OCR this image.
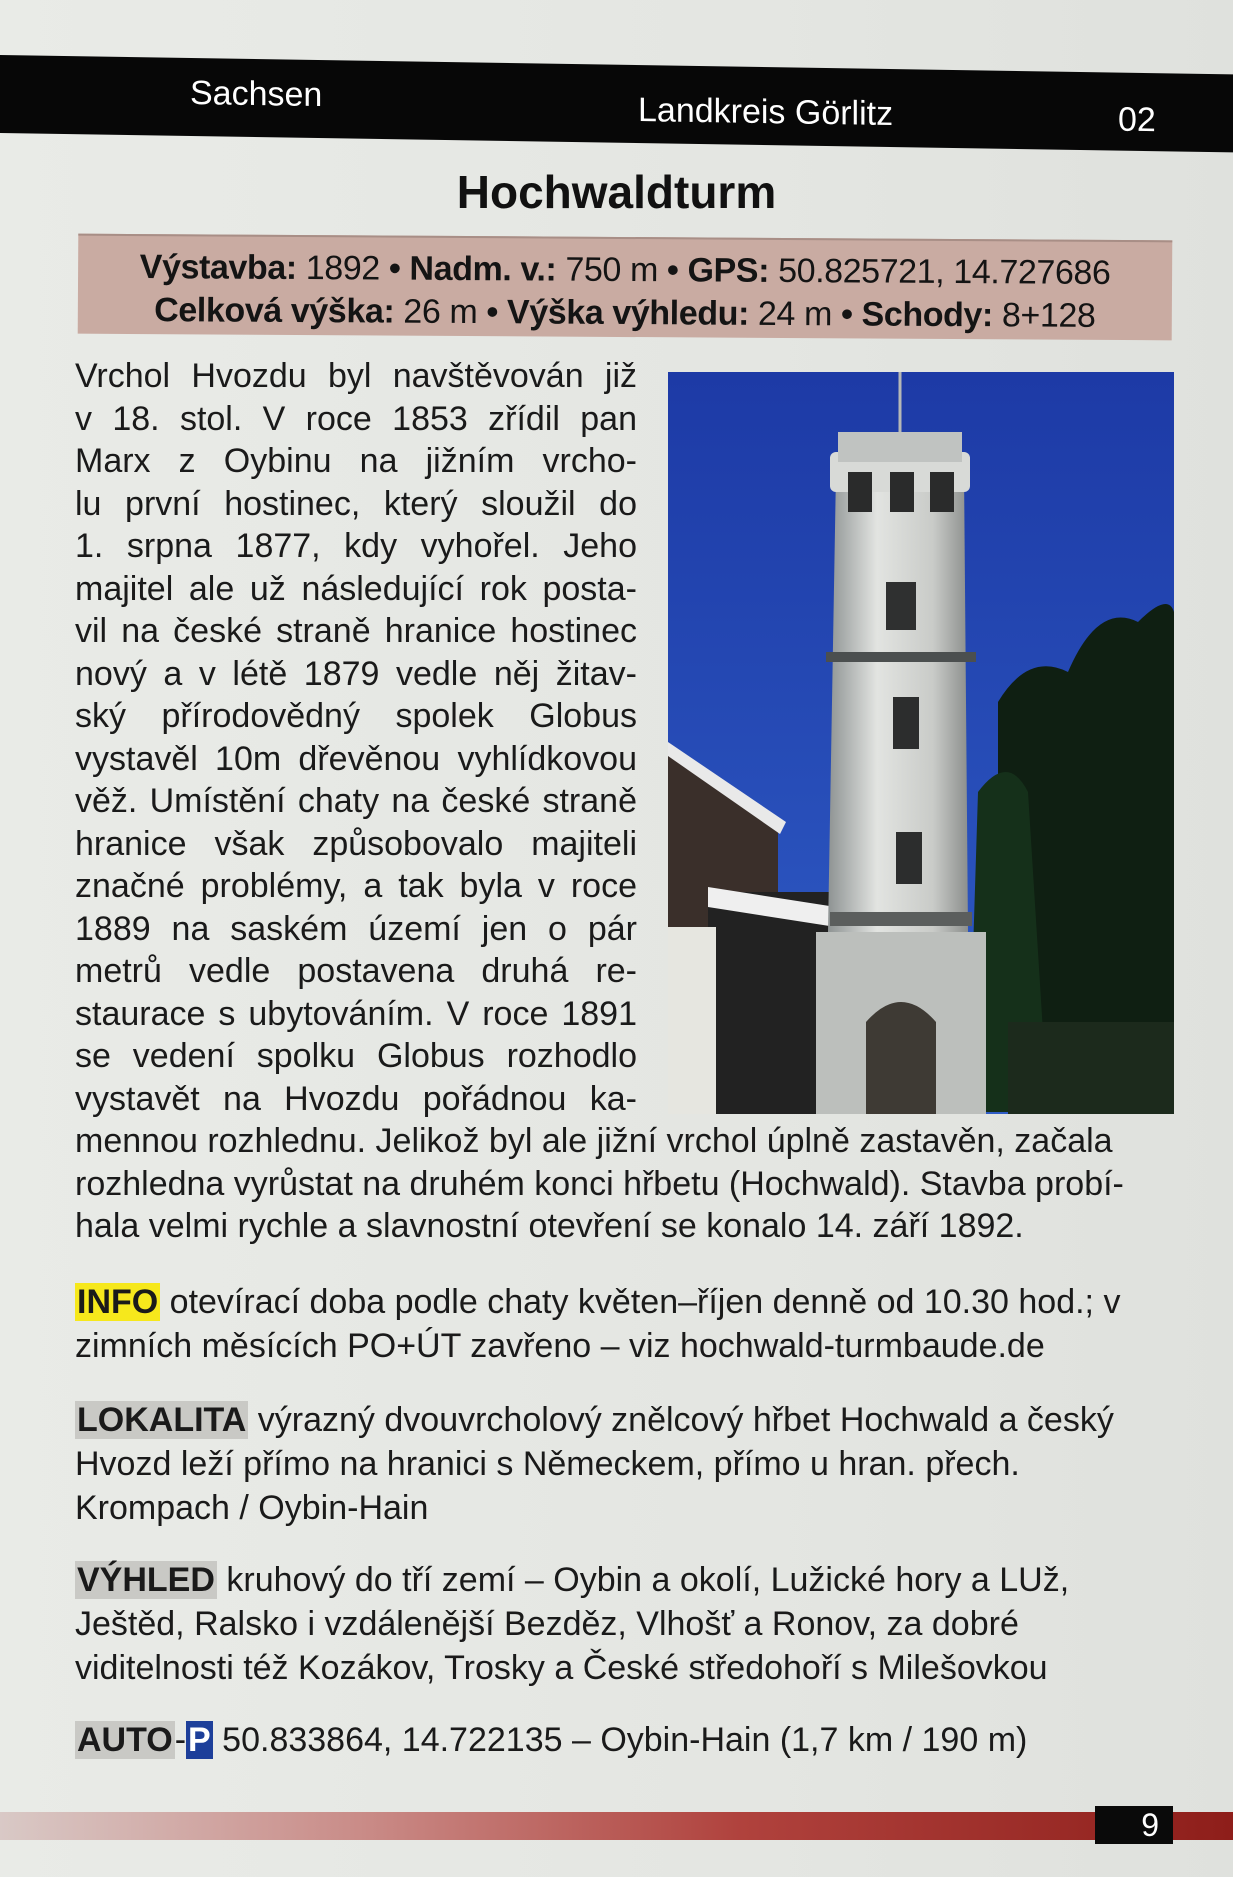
Sachsen	Landkreis Görlitz	02
Hochwaldturm
Výstavba: 1892 • Nadm. v.: 750 m • GPS: 50.825721, 14.727686
Celková výška: 26 m • Výška výhledu: 24 m • Schody: 8+128

Vrchol Hvozdu byl navštěvován již

v 18. stol. V roce 1853 zřídil pan

Marx z Oybinu na jižním vrcho-

lu první hostinec, který sloužil do

1. srpna 1877, kdy vyhořel. Jeho

majitel ale už následující rok posta-

vil na české straně hranice hostinec

nový a v létě 1879 vedle něj žitav-

ský přírodovědný spolek Globus

vystavěl 10m dřevěnou vyhlídkovou

věž. Umístění chaty na české straně

hranice však způsobovalo majiteli

značné problémy, a tak byla v roce

1889 na saském území jen o pár

metrů vedle postavena druhá re-

staurace s ubytováním. V roce 1891

se vedení spolku Globus rozhodlo

vystavět na Hvozdu pořádnou ka-

mennou rozhlednu. Jelikož byl ale jižní vrchol úplně zastavěn, začala
rozhledna vyrůstat na druhém konci hřbetu (Hochwald). Stavba probí-
hala velmi rychle a slavnostní otevření se konalo 14. září 1892.
INFO otevírací doba podle chaty květen–říjen denně od 10.30 hod.; v zimních měsících PO+ÚT zavřeno – viz hochwald-turmbaude.de
LOKALITA výrazný dvouvrcholový znělcový hřbet Hochwald a český Hvozd leží přímo na hranici s Německem, přímo u hran. přech. Krompach / Oybin-Hain
VÝHLED kruhový do tří zemí – Oybin a okolí, Lužické hory a LUž, Ještěd, Ralsko i vzdálenější Bezděz, Vlhošť a Ronov, za dobré viditelnosti též Kozákov, Trosky a České středohoří s Milešovkou
AUTO-P 50.833864, 14.722135 – Oybin-Hain (1,7 km / 190 m)
9
